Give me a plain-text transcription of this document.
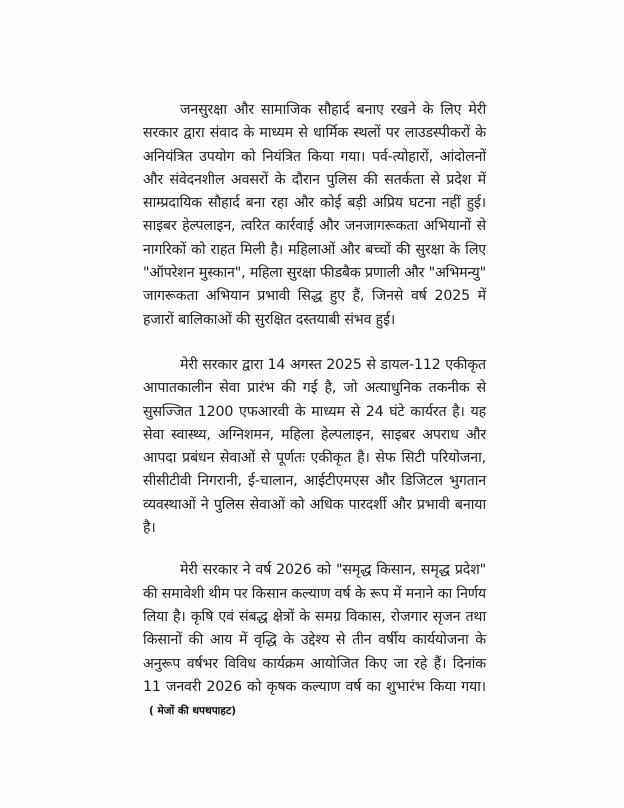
जनसुरक्षा और सामाजिक सौहार्द बनाए रखने के लिए मेरी सरकार द्वारा संवाद के माध्यम से धार्मिक स्थलों पर लाउडस्पीकरों के अनियंत्रित उपयोग को नियंत्रित किया गया। पर्व-त्योहारों, आंदोलनों और संवेदनशील अवसरों के दौरान पुलिस की सतर्कता से प्रदेश में साम्प्रदायिक सौहार्द बना रहा और कोई बड़ी अप्रिय घटना नहीं हुई। साइबर हेल्पलाइन, त्वरित कार्रवाई और जनजागरूकता अभियानों से नागरिकों को राहत मिली है। महिलाओं और बच्चों की सुरक्षा के लिए "ऑपरेशन मुस्कान", महिला सुरक्षा फीडबैक प्रणाली और "अभिमन्यु" जागरूकता अभियान प्रभावी सिद्ध हुए हैं, जिनसे वर्ष 2025 में हजारों बालिकाओं की सुरक्षित दस्तयाबी संभव हुई।

मेरी सरकार द्वारा 14 अगस्त 2025 से डायल-112 एकीकृत आपातकालीन सेवा प्रारंभ की गई है, जो अत्याधुनिक तकनीक से सुसज्जित 1200 एफआरवी के माध्यम से 24 घंटे कार्यरत है। यह सेवा स्वास्थ्य, अग्निशमन, महिला हेल्पलाइन, साइबर अपराध और आपदा प्रबंधन सेवाओं से पूर्णतः एकीकृत है। सेफ सिटी परियोजना, सीसीटीवी निगरानी, ई-चालान, आईटीएमएस और डिजिटल भुगतान व्यवस्थाओं ने पुलिस सेवाओं को अधिक पारदर्शी और प्रभावी बनाया है।

मेरी सरकार ने वर्ष 2026 को "समृद्ध किसान, समृद्ध प्रदेश" की समावेशी थीम पर किसान कल्याण वर्ष के रूप में मनाने का निर्णय लिया है। कृषि एवं संबद्ध क्षेत्रों के समग्र विकास, रोजगार सृजन तथा किसानों की आय में वृद्धि के उद्देश्य से तीन वर्षीय कार्ययोजना के अनुरूप वर्षभर विविध कार्यक्रम आयोजित किए जा रहे हैं। दिनांक 11 जनवरी 2026 को कृषक कल्याण वर्ष का शुभारंभ किया गया।( मेजों की थपथपाहट)
